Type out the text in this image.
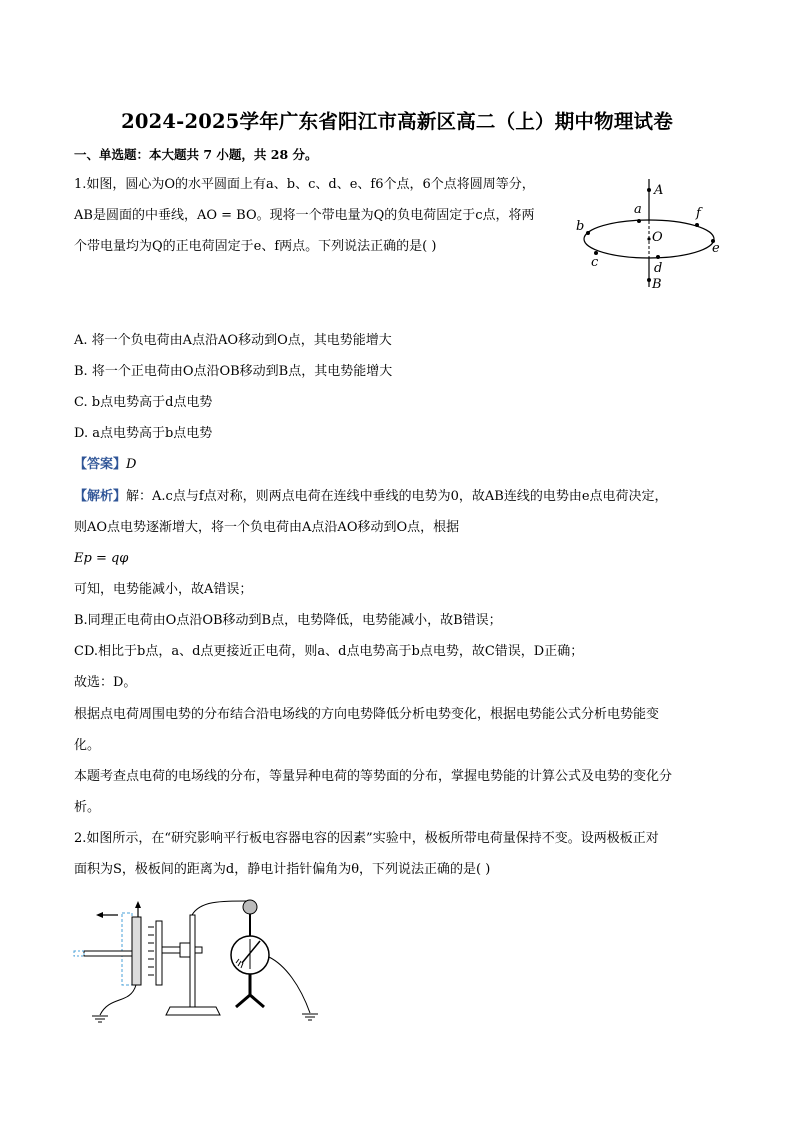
2024-2025学年广东省阳江市高新区高二（上）期中物理试卷
一、单选题：本大题共 7 小题，共 28 分。
1.如图，圆心为O的水平圆面上有a、b、c、d、e、f6个点，6个点将圆周等分，
AB是圆面的中垂线，AO = BO。现将一个带电量为Q的负电荷固定于c点，将两
个带电量均为Q的正电荷固定于e、f两点。下列说法正确的是( )
A
a	f
b
O
e
c	d
B
A. 将一个负电荷由A点沿AO移动到O点，其电势能增大
B. 将一个正电荷由O点沿OB移动到B点，其电势能增大
C. b点电势高于d点电势
D. a点电势高于b点电势
【答案】D
【解析】解：A.c点与f点对称，则两点电荷在连线中垂线的电势为0，故AB连线的电势由e点电荷决定，
则AO点电势逐渐增大，将一个负电荷由A点沿AO移动到O点，根据
Ep = qφ
可知，电势能减小，故A错误；
B.同理正电荷由O点沿OB移动到B点，电势降低，电势能减小，故B错误；
CD.相比于b点，a、d点更接近正电荷，则a、d点电势高于b点电势，故C错误，D正确；
故选：D。
根据点电荷周围电势的分布结合沿电场线的方向电势降低分析电势变化，根据电势能公式分析电势能变
化。
本题考查点电荷的电场线的分布，等量异种电荷的等势面的分布，掌握电势能的计算公式及电势的变化分
析。
2.如图所示，在“研究影响平行板电容器电容的因素”实验中，极板所带电荷量保持不变。设两极板正对
面积为S，极板间的距离为d，静电计指针偏角为θ，下列说法正确的是( )
